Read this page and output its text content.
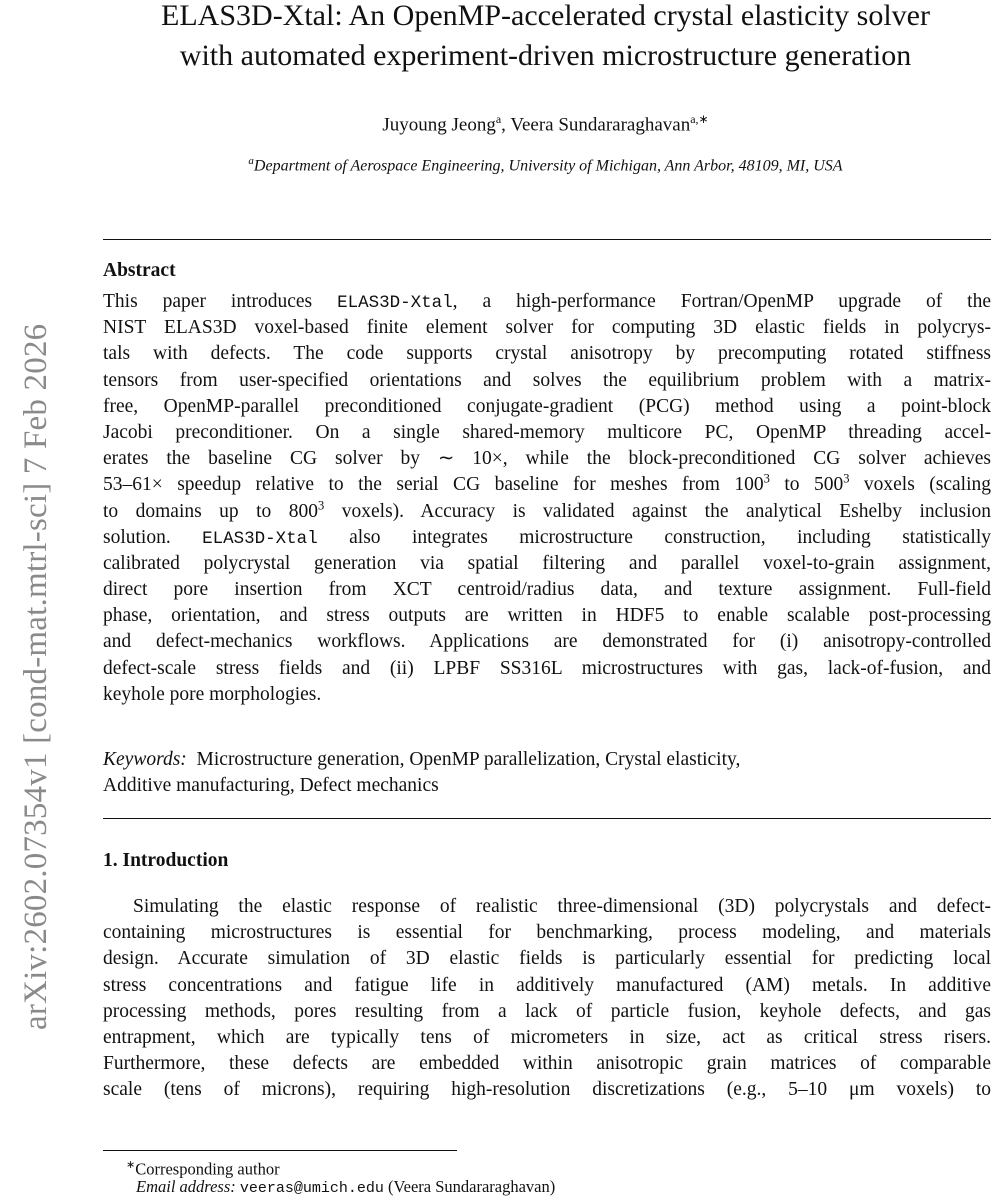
arXiv:2602.07354v1 [cond-mat.mtrl-sci] 7 Feb 2026
ELAS3D-Xtal: An OpenMP-accelerated crystal elasticity solver
with automated experiment-driven microstructure generation
Juyoung Jeong$^a$, Veera Sundararaghavan$^{a,∗}$
$^a$Department of Aerospace Engineering, University of Michigan, Ann Arbor, 48109, MI, USA
Abstract
This paper introduces ELAS3D-Xtal, a high-performance Fortran/OpenMP upgrade of the
NIST ELAS3D voxel-based finite element solver for computing 3D elastic fields in polycrys-
tals with defects. The code supports crystal anisotropy by precomputing rotated stiffness
tensors from user-specified orientations and solves the equilibrium problem with a matrix-
free, OpenMP-parallel preconditioned conjugate-gradient (PCG) method using a point-block
Jacobi preconditioner. On a single shared-memory multicore PC, OpenMP threading accel-
erates the baseline CG solver by ∼ 10×, while the block-preconditioned CG solver achieves
53–61× speedup relative to the serial CG baseline for meshes from $100^3$ to $500^3$ voxels (scaling
to domains up to $800^3$ voxels). Accuracy is validated against the analytical Eshelby inclusion
solution. ELAS3D-Xtal also integrates microstructure construction, including statistically
calibrated polycrystal generation via spatial filtering and parallel voxel-to-grain assignment,
direct pore insertion from XCT centroid/radius data, and texture assignment. Full-field
phase, orientation, and stress outputs are written in HDF5 to enable scalable post-processing
and defect-mechanics workflows. Applications are demonstrated for (i) anisotropy-controlled
defect-scale stress fields and (ii) LPBF SS316L microstructures with gas, lack-of-fusion, and
keyhole pore morphologies.
Keywords: Microstructure generation, OpenMP parallelization, Crystal elasticity,
Additive manufacturing, Defect mechanics
1. Introduction
Simulating the elastic response of realistic three-dimensional (3D) polycrystals and defect-
containing microstructures is essential for benchmarking, process modeling, and materials
design. Accurate simulation of 3D elastic fields is particularly essential for predicting local
stress concentrations and fatigue life in additively manufactured (AM) metals. In additive
processing methods, pores resulting from a lack of particle fusion, keyhole defects, and gas
entrapment, which are typically tens of micrometers in size, act as critical stress risers.
Furthermore, these defects are embedded within anisotropic grain matrices of comparable
scale (tens of microns), requiring high-resolution discretizations (e.g., 5–10 μm voxels) to
∗Corresponding author
Email address: veeras@umich.edu (Veera Sundararaghavan)
